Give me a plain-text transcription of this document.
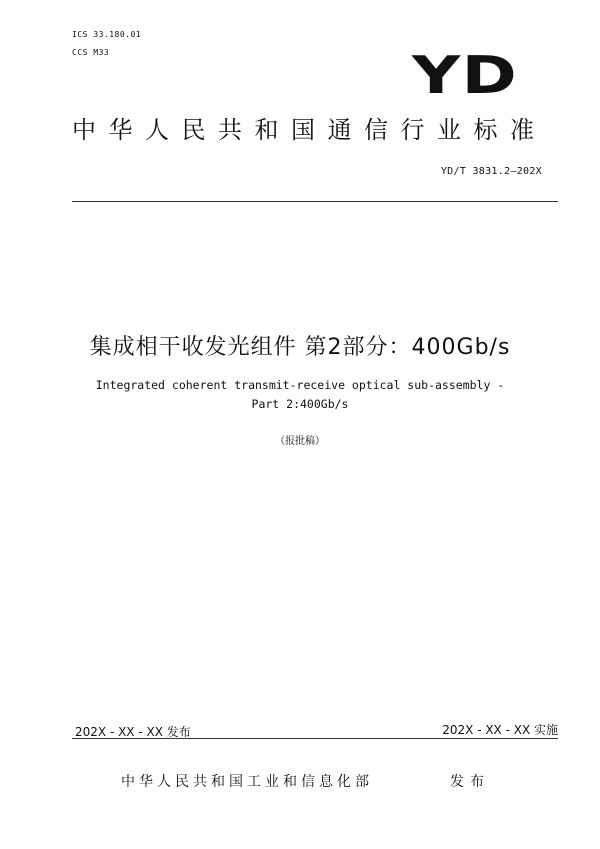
ICS 33.180.01
CCS M33	YD
中华人民共和国通信行业标准
YD/T 3831.2—202X
集成相干收发光组件 第2部分：400Gb/s
Integrated coherent transmit-receive optical sub-assembly -
Part 2:400Gb/s
（报批稿）
202X - XX - XX 发布	202X - XX - XX 实施
中华人民共和国工业和信息化部	发布
